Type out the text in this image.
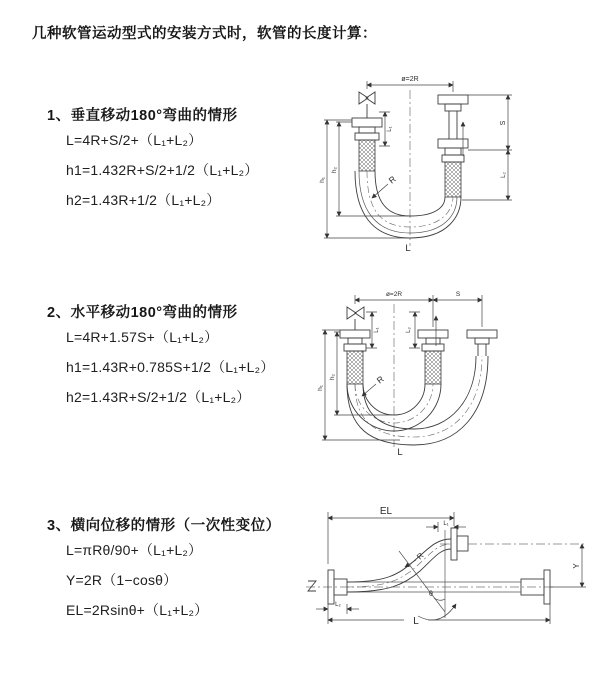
几种软管运动型式的安装方式时，软管的长度计算：
1、垂直移动180°弯曲的情形
L=4R+S/2+（L₁+L₂）
h1=1.432R+S/2+1/2（L₁+L₂）
h2=1.43R+1/2（L₁+L₂）
2、水平移动180°弯曲的情形
L=4R+1.57S+（L₁+L₂）
h1=1.43R+0.785S+1/2（L₁+L₂）
h2=1.43R+S/2+1/2（L₁+L₂）
3、横向位移的情形（一次性变位）
L=πRθ/90+（L₁+L₂）
Y=2R（1−cosθ）
EL=2Rsinθ+（L₁+L₂）
ø=2R
h₁
h₂
L₁
S
L₂
R
L
ø=2R	S
h₁
h₂
L₁	L₂
R
L
θ
R
EL
L₁
Y
L₂
L
